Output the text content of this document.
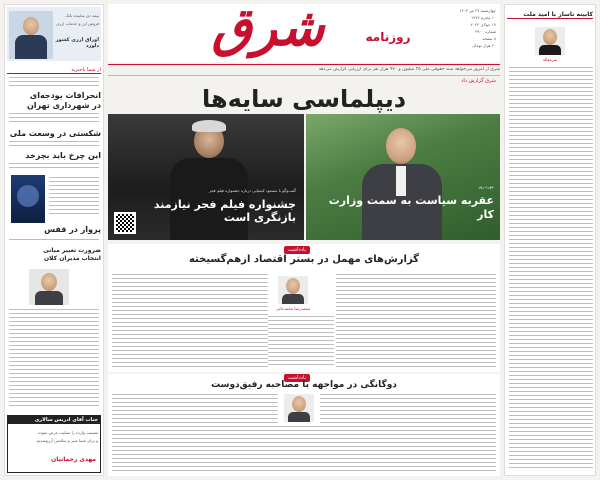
بیمه دی نماینده بانک
فروش ارز و خدمات ارزی
اوراق ارزی کشور دلوزد
از شما باخبرید
انحرافات بودجه‌ای
در شهرداری تهران
شکستی در وسعت ملی
این چرخ باید بچرخد
پرواز در قفس
ضرورت تغییر مبانی
انتخاب مدیران کلان
جناب آقای ادریس سالاری
مصیبت وارده را تسلیت عرض نموده
و برای شما صبر و سلامتی آرزومندیم
مهدی رحمانیان
چهارشنبه ۲۷ تیر ۱۴۰۳
۱۰ محرم ۱۴۴۶
۱۷ جولای ۲۰۲۴
شماره ۴۹۰۰
۸ صفحه
۲۰ هزار تومان
شرق	روزنامه
شرق از امروز می‌خواهد سند حقوقی ملی ۳۵ میلیون و ۹۷۰ هزار نفر برای ارزیابی گزارش می‌دهد
شرق گزارش داد
دیپلماسی سایه‌ها
گفت‌وگو با مسعود کیمیایی درباره جشنواره فیلم فجر
جشنواره فیلم فجر نیازمند بازنگری است
چهره روز
عقربه سیاست به سمت وزارت کار
یادداشت
گزارش‌های مهمل در بستر اقتصاد ازهم‌گسیخته
محمدرضا محمدخانی
یادداشت
دوگانگی در مواجهه با مصاحبه رفیق‌دوست
کابینه ناساز با امید ملت
سرمقاله
